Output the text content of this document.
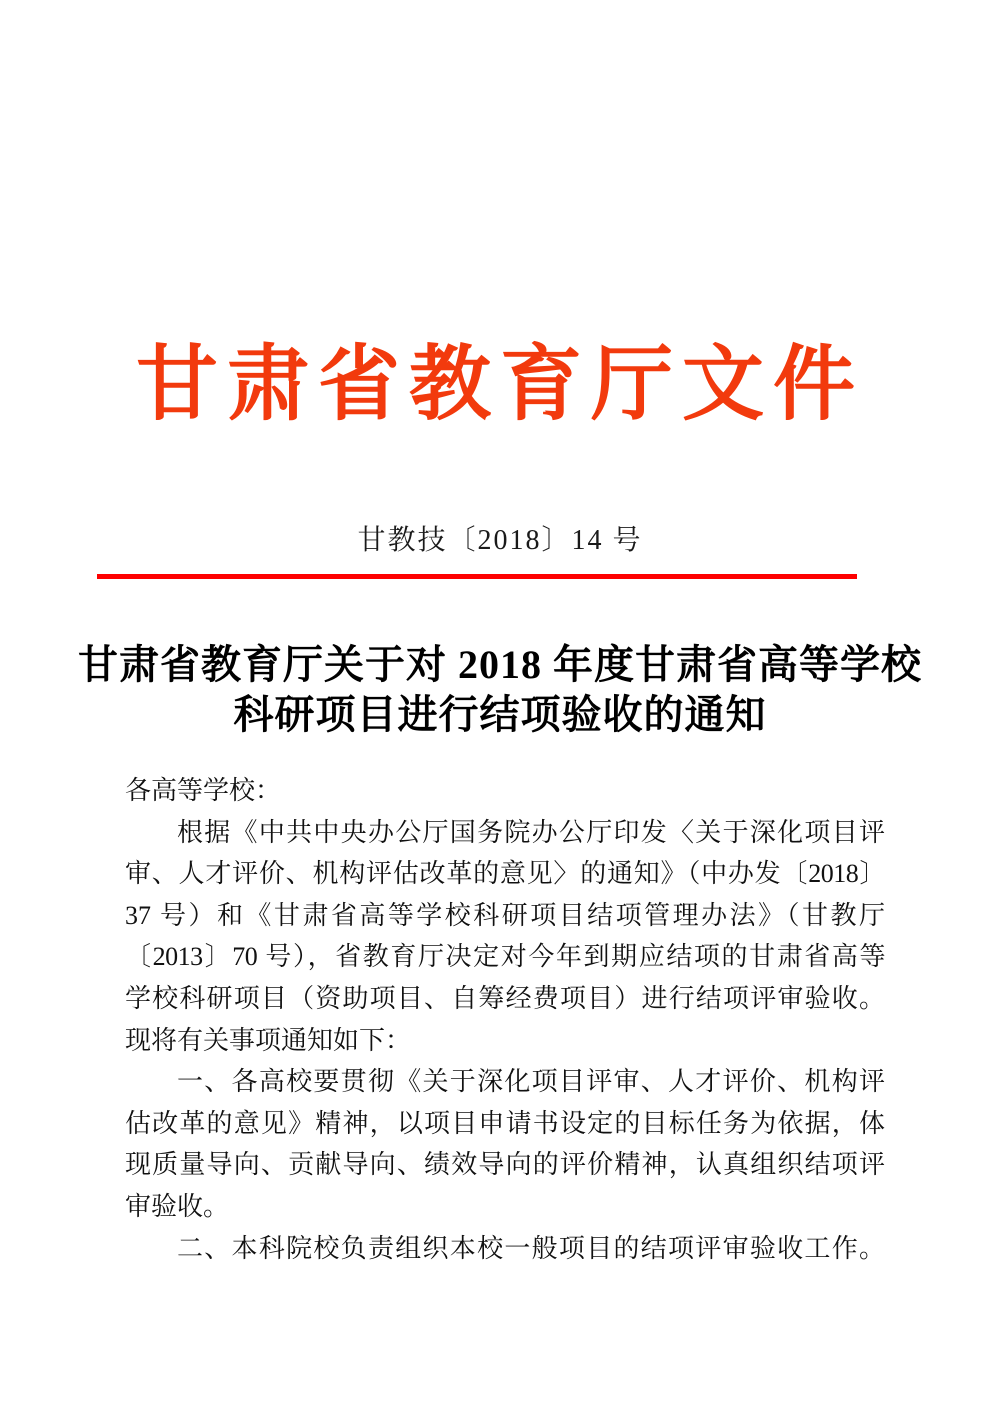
甘肃省教育厅文件
甘教技〔2018〕14 号
甘肃省教育厅关于对 2018 年度甘肃省高等学校
科研项目进行结项验收的通知
各高等学校：
根据《中共中央办公厅国务院办公厅印发〈关于深化项目评
审、人才评价、机构评估改革的意见〉的通知》（中办发〔2018〕
37 号）和《甘肃省高等学校科研项目结项管理办法》（甘教厅
〔2013〕70 号），省教育厅决定对今年到期应结项的甘肃省高等
学校科研项目（资助项目、自筹经费项目）进行结项评审验收。
现将有关事项通知如下：
一、各高校要贯彻《关于深化项目评审、人才评价、机构评
估改革的意见》精神，以项目申请书设定的目标任务为依据，体
现质量导向、贡献导向、绩效导向的评价精神，认真组织结项评
审验收。
二、本科院校负责组织本校一般项目的结项评审验收工作。
